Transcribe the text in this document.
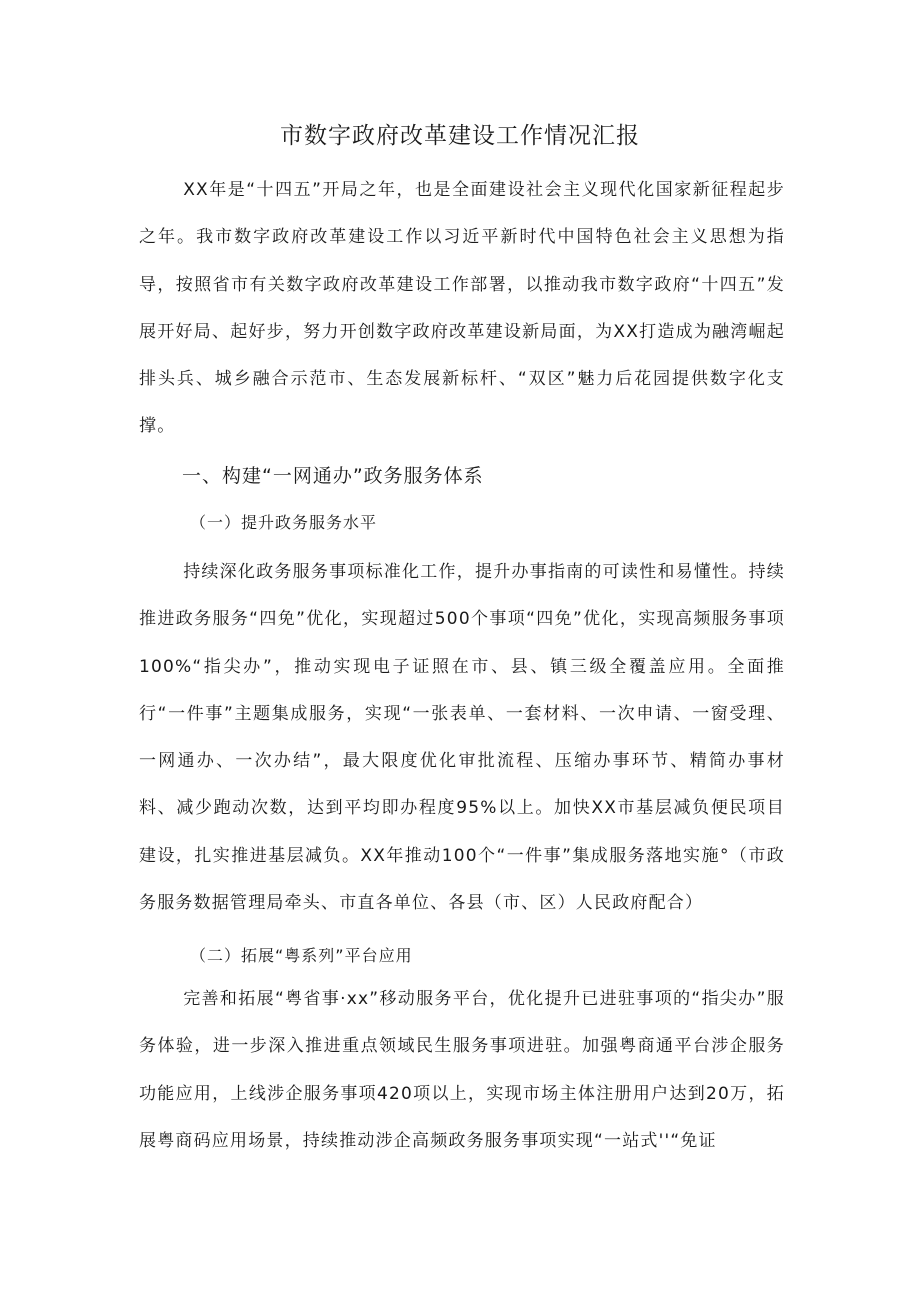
市数字政府改革建设工作情况汇报

XX年是“十四五”开局之年，也是全面建设社会主义现代化国家新征程起步之年。我市数字政府改革建设工作以习近平新时代中国特色社会主义思想为指导，按照省市有关数字政府改革建设工作部署，以推动我市数字政府“十四五”发展开好局、起好步，努力开创数字政府改革建设新局面，为XX打造成为融湾崛起排头兵、城乡融合示范市、生态发展新标杆、“双区”魅力后花园提供数字化支撑。

一、构建“一网通办”政务服务体系
（一）提升政务服务水平

持续深化政务服务事项标准化工作，提升办事指南的可读性和易懂性。持续推进政务服务“四免”优化，实现超过500个事项“四免”优化，实现高频服务事项100%“指尖办”，推动实现电子证照在市、县、镇三级全覆盖应用。全面推行“一件事”主题集成服务，实现“一张表单、一套材料、一次申请、一窗受理、一网通办、一次办结”，最大限度优化审批流程、压缩办事环节、精简办事材料、减少跑动次数，达到平均即办程度95%以上。加快XX市基层减负便民项目建设，扎实推进基层减负。XX年推动100个“一件事”集成服务落地实施°（市政务服务数据管理局牵头、市直各单位、各县（市、区）人民政府配合）

（二）拓展“粤系列”平台应用

完善和拓展“粤省事·xx”移动服务平台，优化提升已进驻事项的“指尖办”服务体验，进一步深入推进重点领域民生服务事项进驻。加强粤商通平台涉企服务功能应用，上线涉企服务事项420项以上，实现市场主体注册用户达到20万，拓展粤商码应用场景，持续推动涉企高频政务服务事项实现“一站式''“免证
